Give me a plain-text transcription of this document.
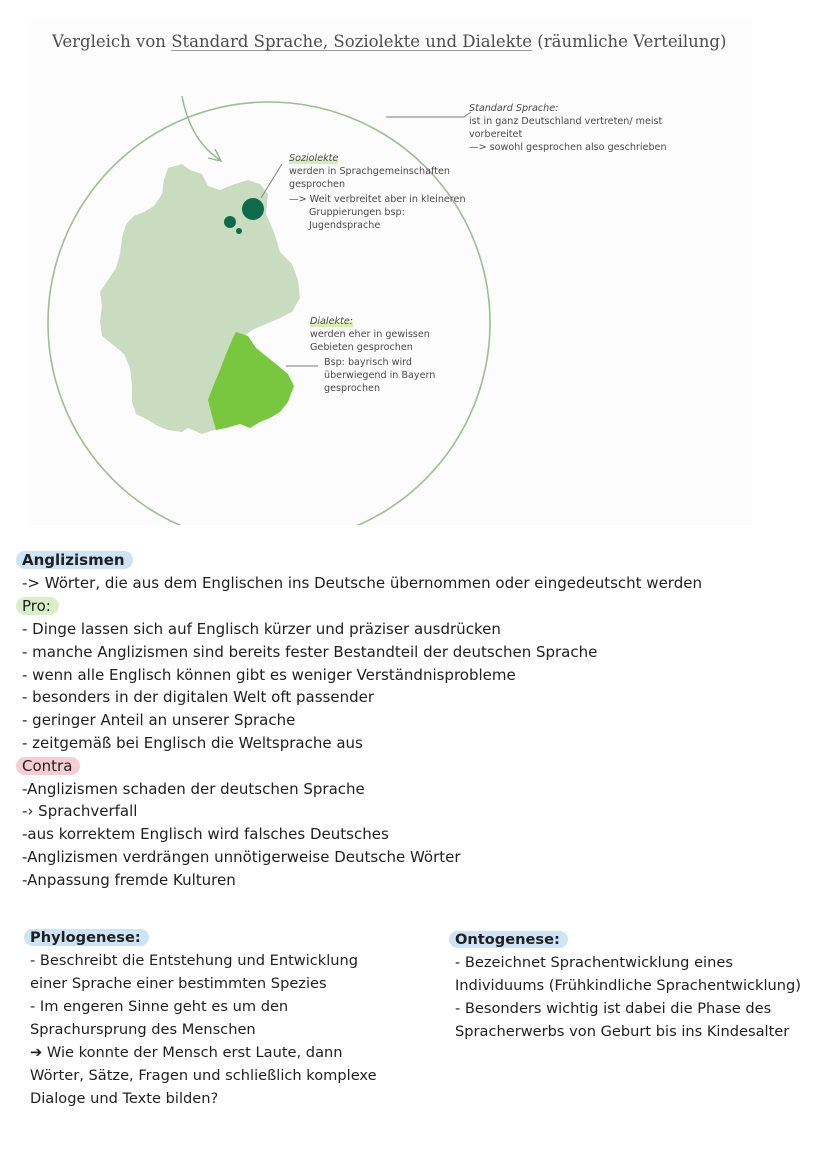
Vergleich von Standard Sprache, Soziolekte und Dialekte (räumliche Verteilung)
Standard Sprache:
ist in ganz Deutschland vertreten/ meist
vorbereitet
—> sowohl gesprochen also geschrieben
Soziolekte
werden in Sprachgemeinschaften
gesprochen
—> Weit verbreitet aber in kleineren
Gruppierungen bsp:
Jugendsprache
Dialekte:
werden eher in gewissen
Gebieten gesprochen
Bsp: bayrisch wird
überwiegend in Bayern
gesprochen
Anglizismen
-> Wörter, die aus dem Englischen ins Deutsche übernommen oder eingedeutscht werden
Pro:
- Dinge lassen sich auf Englisch kürzer und präziser ausdrücken
- manche Anglizismen sind bereits fester Bestandteil der deutschen Sprache
- wenn alle Englisch können gibt es weniger Verständnisprobleme
- besonders in der digitalen Welt oft passender
- geringer Anteil an unserer Sprache
- zeitgemäß bei Englisch die Weltsprache aus
Contra
-Anglizismen schaden der deutschen Sprache
-› Sprachverfall
-aus korrektem Englisch wird falsches Deutsches
-Anglizismen verdrängen unnötigerweise Deutsche Wörter
-Anpassung fremde Kulturen
Phylogenese:
- Beschreibt die Entstehung und Entwicklung
einer Sprache einer bestimmten Spezies
- Im engeren Sinne geht es um den
Sprachursprung des Menschen
➔ Wie konnte der Mensch erst Laute, dann
Wörter, Sätze, Fragen und schließlich komplexe
Dialoge und Texte bilden?
Ontogenese:
- Bezeichnet Sprachentwicklung eines
Individuums (Frühkindliche Sprachentwicklung)
- Besonders wichtig ist dabei die Phase des
Spracherwerbs von Geburt bis ins Kindesalter
